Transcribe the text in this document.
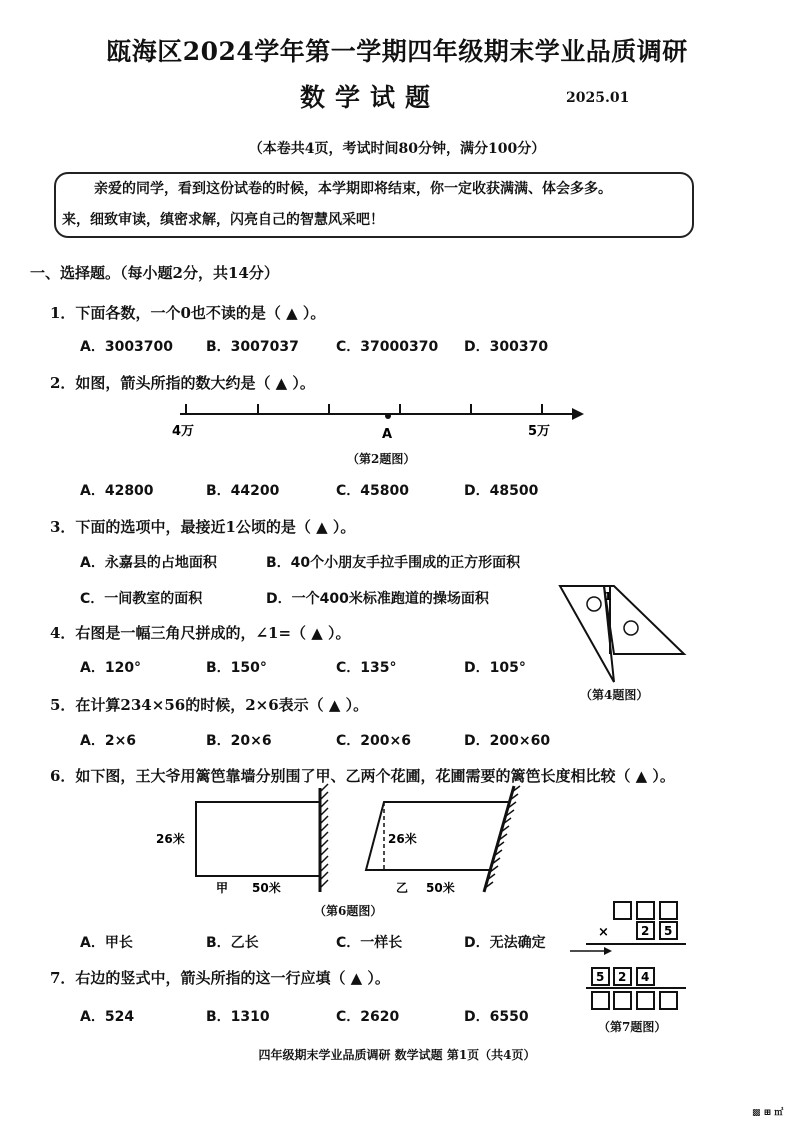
瓯海区2024学年第一学期四年级期末学业品质调研
数学试题	2025.01
（本卷共4页，考试时间80分钟，满分100分）

亲爱的同学，看到这份试卷的时候，本学期即将结束，你一定收获满满、体会多多。

来，细致审读，缜密求解，闪亮自己的智慧风采吧！

一、选择题。（每小题2分，共14分）
1．下面各数，一个0也不读的是（ ▲ ）。
A．3003700 B．3007037	C．37000370 D．300370
2．如图，箭头所指的数大约是（ ▲ ）。
4万	A	5万
（第2题图）
A．42800	B．44200	C．45800	D．48500
3．下面的选项中，最接近1公顷的是（ ▲ ）。
A．永嘉县的占地面积	B．40个小朋友手拉手围成的正方形面积
C．一间教室的面积	D．一个400米标准跑道的操场面积	1
（第4题图）
4．右图是一幅三角尺拼成的，∠1=（ ▲ ）。
A．120°	B．150°	C．135°	D．105°
5．在计算234×56的时候，2×6表示（ ▲ ）。
A．2×6	B．20×6	C．200×6	D．200×60
6．如下图，王大爷用篱笆靠墙分别围了甲、乙两个花圃，花圃需要的篱笆长度相比较（ ▲ ）。
26米
甲 50米
26米
乙 50米
（第6题图）
A．甲长	B．乙长	C．一样长	D．无法确定
×	2 5
5 2 4
（第7题图）
7．右边的竖式中，箭头所指的这一行应填（ ▲ ）。
A．524	B．1310	C．2620	D．6550
四年级期末学业品质调研 数学试题 第1页（共4页）
▩ ⊞ ㎡
